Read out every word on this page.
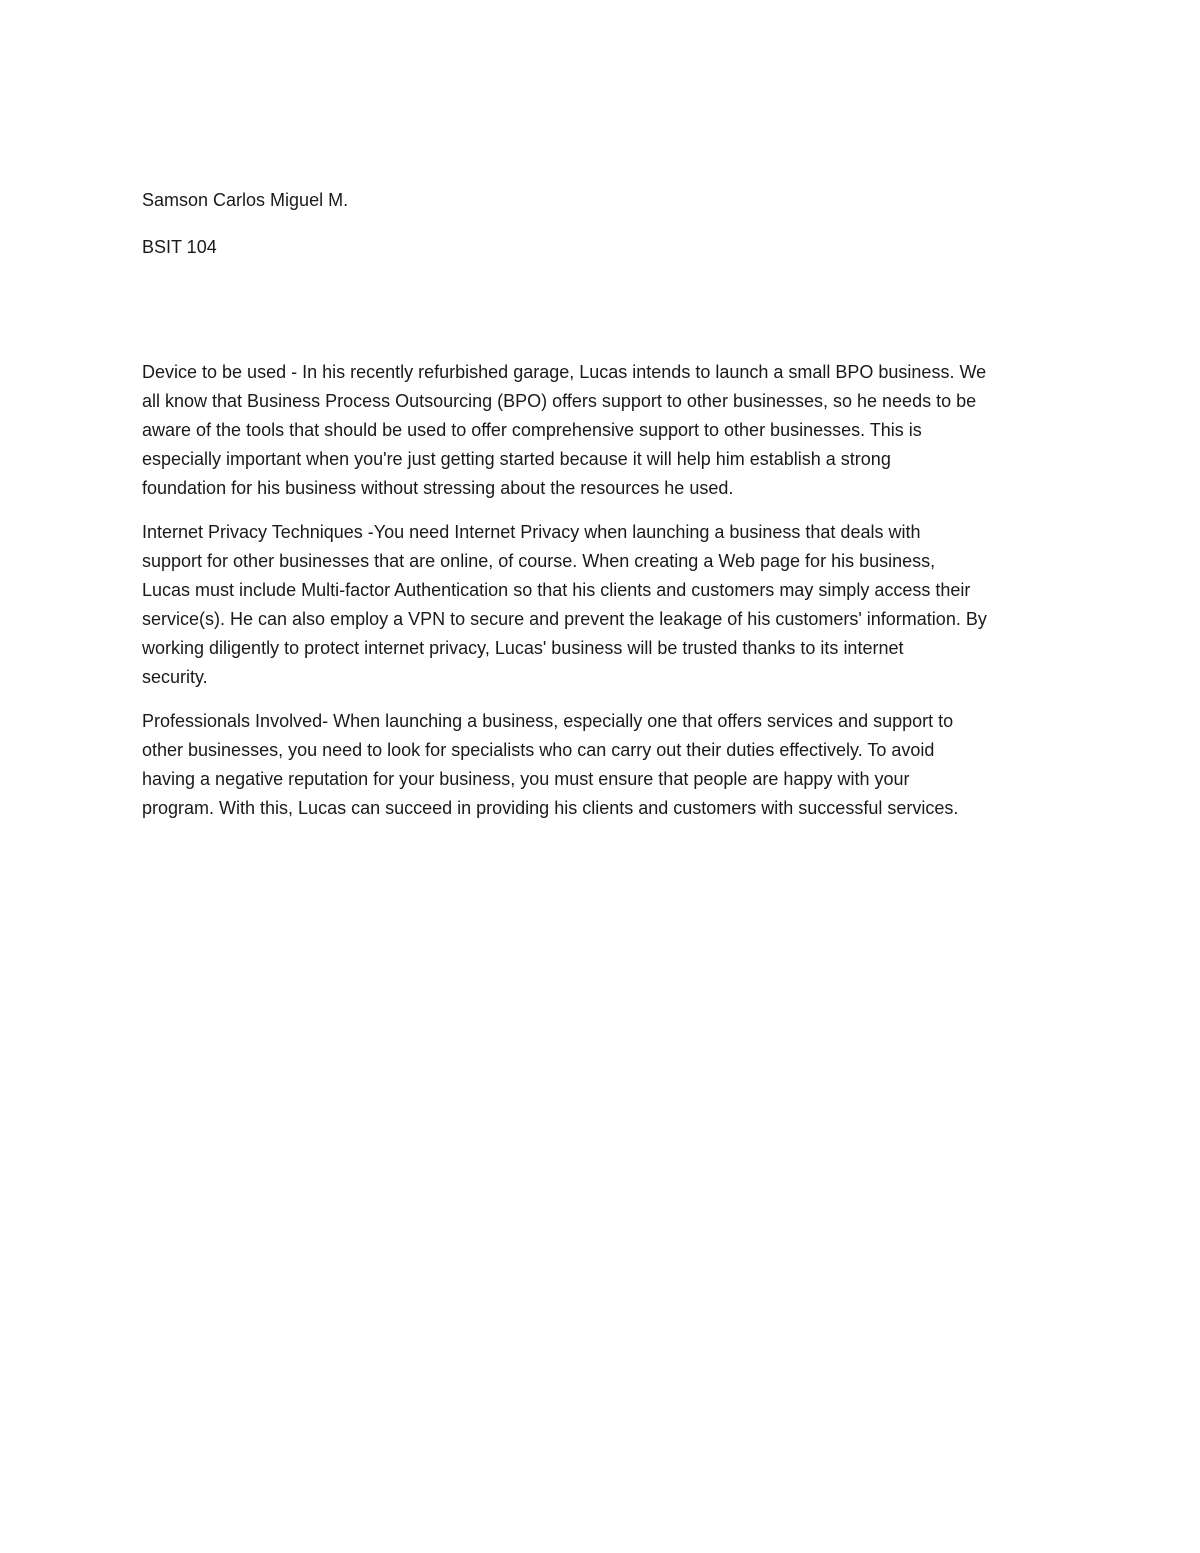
Samson Carlos Miguel M.

BSIT 104

Device to be used - In his recently refurbished garage, Lucas intends to launch a small BPO business. We
all know that Business Process Outsourcing (BPO) offers support to other businesses, so he needs to be
aware of the tools that should be used to offer comprehensive support to other businesses. This is
especially important when you're just getting started because it will help him establish a strong
foundation for his business without stressing about the resources he used.

Internet Privacy Techniques -You need Internet Privacy when launching a business that deals with
support for other businesses that are online, of course. When creating a Web page for his business,
Lucas must include Multi-factor Authentication so that his clients and customers may simply access their
service(s). He can also employ a VPN to secure and prevent the leakage of his customers' information. By
working diligently to protect internet privacy, Lucas' business will be trusted thanks to its internet
security.

Professionals Involved- When launching a business, especially one that offers services and support to
other businesses, you need to look for specialists who can carry out their duties effectively. To avoid
having a negative reputation for your business, you must ensure that people are happy with your
program. With this, Lucas can succeed in providing his clients and customers with successful services.
